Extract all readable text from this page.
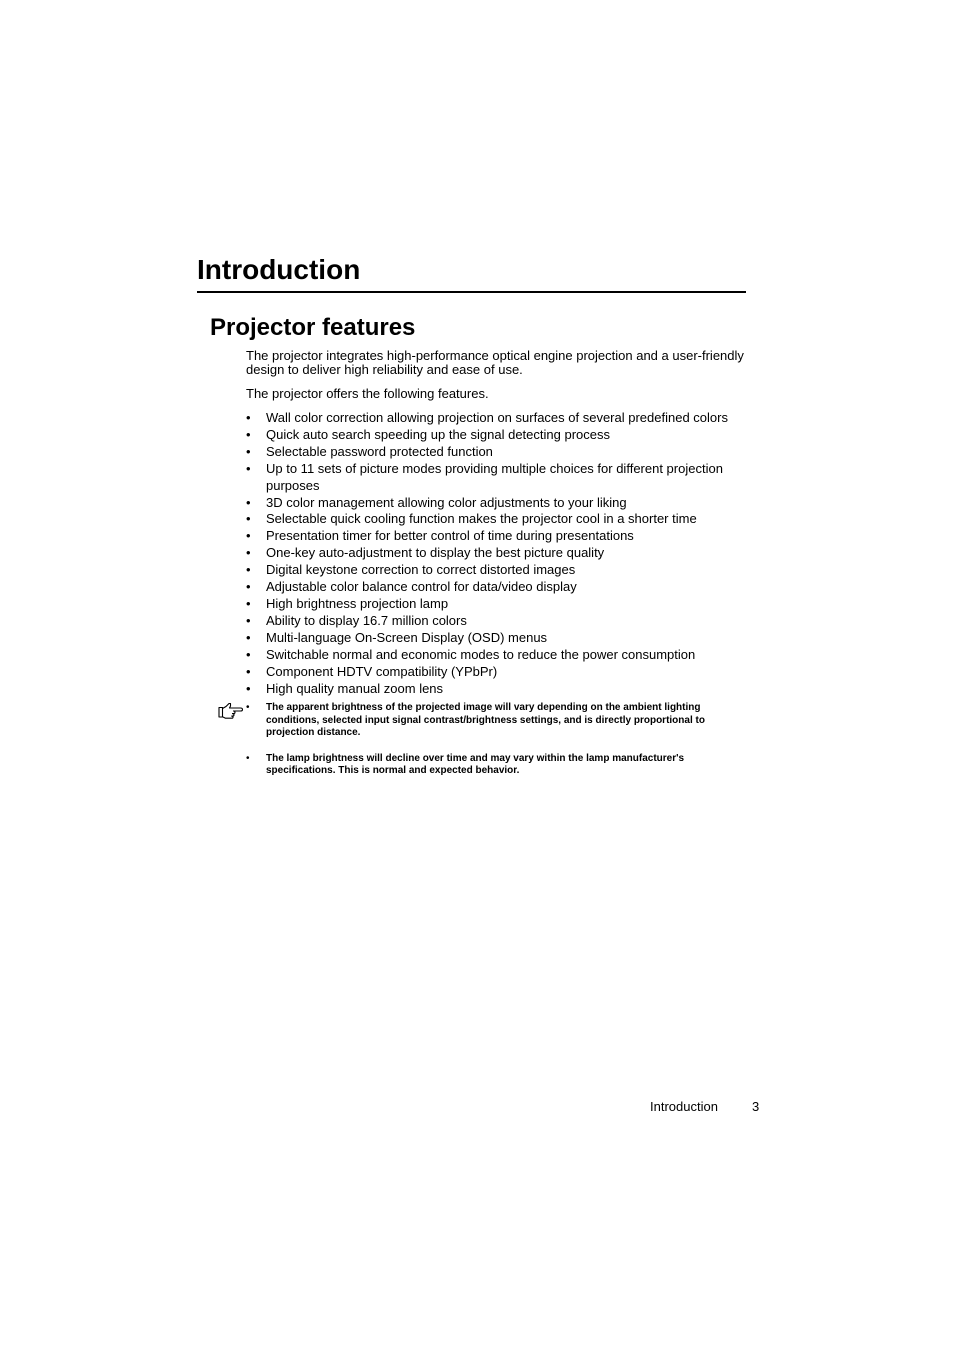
Introduction
Projector features

The projector integrates high-performance optical engine projection and a user-friendly design to deliver high reliability and ease of use.

The projector offers the following features.

• Wall color correction allowing projection on surfaces of several predefined colors
• Quick auto search speeding up the signal detecting process
• Selectable password protected function
• Up to 11 sets of picture modes providing multiple choices for different projection purposes
• 3D color management allowing color adjustments to your liking
• Selectable quick cooling function makes the projector cool in a shorter time
• Presentation timer for better control of time during presentations
• One-key auto-adjustment to display the best picture quality
• Digital keystone correction to correct distorted images
• Adjustable color balance control for data/video display
• High brightness projection lamp
• Ability to display 16.7 million colors
• Multi-language On-Screen Display (OSD) menus
• Switchable normal and economic modes to reduce the power consumption
• Component HDTV compatibility (YPbPr)
• High quality manual zoom lens
• The apparent brightness of the projected image will vary depending on the ambient lighting conditions, selected input signal contrast/brightness settings, and is directly proportional to projection distance.
• The lamp brightness will decline over time and may vary within the lamp manufacturer's specifications. This is normal and expected behavior.
Introduction	3
